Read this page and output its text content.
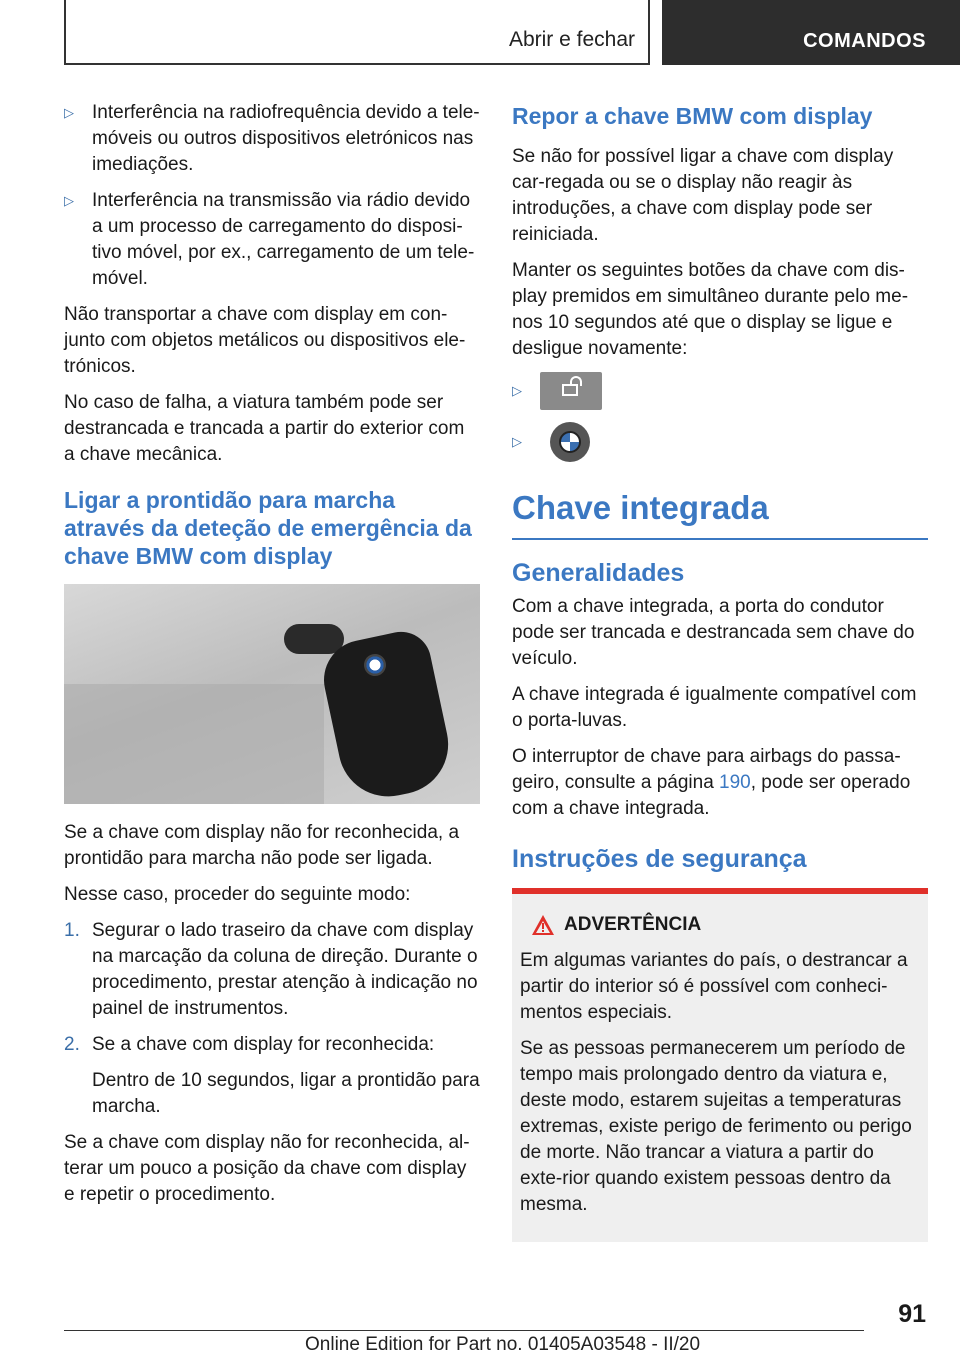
Abrir e fechar	COMANDOS
▷ Interferência na radiofrequência devido a tele-móveis ou outros dispositivos eletrónicos nas imediações.
▷ Interferência na transmissão via rádio devido a um processo de carregamento do disposi-tivo móvel, por ex., carregamento de um tele-móvel.

Não transportar a chave com display em con-junto com objetos metálicos ou dispositivos ele-trónicos.

No caso de falha, a viatura também pode ser destrancada e trancada a partir do exterior com a chave mecânica.

Ligar a prontidão para marcha através da deteção de emergência da chave BMW com display

Se a chave com display não for reconhecida, a prontidão para marcha não pode ser ligada.

Nesse caso, proceder do seguinte modo:

1. Segurar o lado traseiro da chave com display na marcação da coluna de direção. Durante o procedimento, prestar atenção à indicação no painel de instrumentos.
2. Se a chave com display for reconhecida:

Dentro de 10 segundos, ligar a prontidão para marcha.

Se a chave com display não for reconhecida, al-terar um pouco a posição da chave com display e repetir o procedimento.

Repor a chave BMW com display

Se não for possível ligar a chave com display car-regada ou se o display não reagir às introduções, a chave com display pode ser reiniciada.

Manter os seguintes botões da chave com dis-play premidos em simultâneo durante pelo me-nos 10 segundos até que o display se ligue e desligue novamente:

▷
▷
Chave integrada
Generalidades

Com a chave integrada, a porta do condutor pode ser trancada e destrancada sem chave do veículo.

A chave integrada é igualmente compatível com o porta-luvas.

O interruptor de chave para airbags do passa-geiro, consulte a página 190, pode ser operado com a chave integrada.

Instruções de segurança
ADVERTÊNCIA

Em algumas variantes do país, o destrancar a partir do interior só é possível com conheci-mentos especiais.

Se as pessoas permanecerem um período de tempo mais prolongado dentro da viatura e, deste modo, estarem sujeitas a temperaturas extremas, existe perigo de ferimento ou perigo de morte. Não trancar a viatura a partir do exte-rior quando existem pessoas dentro da mesma.

91
Online Edition for Part no. 01405A03548 - II/20
